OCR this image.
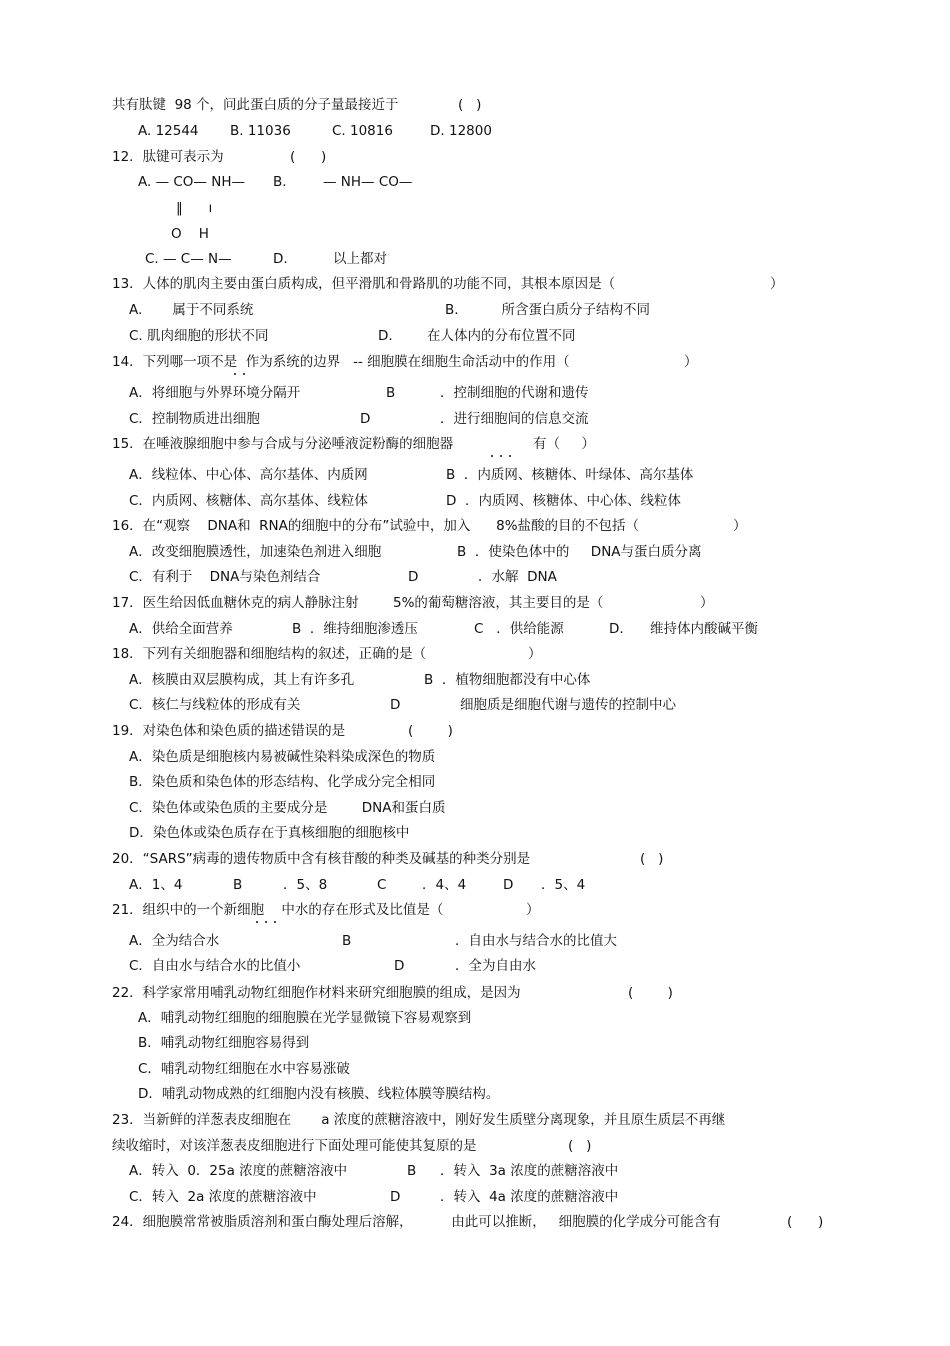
共有肽键  98 个，问此蛋白质的分子量最接近于	(   )
A. 12544 B. 11036	C. 10816	D. 12800
12．肽键可表示为	(      )
A. — CO— NH— B.	— NH— CO—
‖      ı
O    H
C. — C— N—	D.	以上都对
13．人体的肌肉主要由蛋白质构成，但平滑肌和骨路肌的功能不同，其根本原因是（	）
A.       属于不同系统	B.          所含蛋白质分子结构不同
C. 肌肉细胞的形状不同	D.        在人体内的分布位置不同
14．下列哪一项不是  作为系统的边界   -- 细胞膜在细胞生命活动中的作用（	）
A．将细胞与外界环境分隔开	B	．控制细胞的代谢和遗传
C．控制物质进出细胞	D	．进行细胞间的信息交流
15．在唾液腺细胞中参与合成与分泌唾液淀粉酶的细胞器	有（     ）
A．线粒体、中心体、高尔基体、内质网	B  ．内质网、核糖体、叶绿体、高尔基体
C．内质网、核糖体、高尔基体、线粒体	D  ．内质网、核糖体、中心体、线粒体
16．在“观察    DNA和  RNA的细胞中的分布”试验中，加入      8%盐酸的目的不包括（	）
A．改变细胞膜透性，加速染色剂进入细胞	B  ．使染色体中的     DNA与蛋白质分离
C．有利于    DNA与染色剂结合	D	．水解  DNA
17．医生给因低血糖休克的病人静脉注射        5%的葡萄糖溶液，其主要目的是（	）
A．供给全面营养	B  ．维持细胞渗透压	C   ．供给能源	D．    维持体内酸碱平衡
18．下列有关细胞器和细胞结构的叙述，正确的是（	）
A．核膜由双层膜构成，其上有许多孔	B  ．植物细胞都没有中心体
C．核仁与线粒体的形成有关	D	细胞质是细胞代谢与遗传的控制中心
19．对染色体和染色质的描述错误的是	(        )
A．染色质是细胞核内易被碱性染料染成深色的物质
B．染色质和染色体的形态结构、化学成分完全相同
C．染色体或染色质的主要成分是        DNA和蛋白质
D．染色体或染色质存在于真核细胞的细胞核中
20．“SARS”病毒的遗传物质中含有核苷酸的种类及碱基的种类分别是	(   )
A．1、4	B	．5、8	C	．4、4	D ．5、4
21．组织中的一个新细胞    中水的存在形式及比值是（	）
A．全为结合水	B	．自由水与结合水的比值大
C．自由水与结合水的比值小	D	．全为自由水
22．科学家常用哺乳动物红细胞作材料来研究细胞膜的组成，是因为	(        )
A．哺乳动物红细胞的细胞膜在光学显微镜下容易观察到
B．哺乳动物红细胞容易得到
C．哺乳动物红细胞在水中容易涨破
D．哺乳动物成熟的红细胞内没有核膜、线粒体膜等膜结构。
23．当新鲜的洋葱表皮细胞在       a 浓度的蔗糖溶液中，刚好发生质壁分离现象，并且原生质层不再继
续收缩时，对该洋葱表皮细胞进行下面处理可能使其复原的是	(   )
A．转入  0．25a 浓度的蔗糖溶液中	B ．转入  3a 浓度的蔗糖溶液中
C．转入  2a 浓度的蔗糖溶液中	D	．转入  4a 浓度的蔗糖溶液中
24．细胞膜常常被脂质溶剂和蛋白酶处理后溶解，         由此可以推断，   细胞膜的化学成分可能含有	(      )
